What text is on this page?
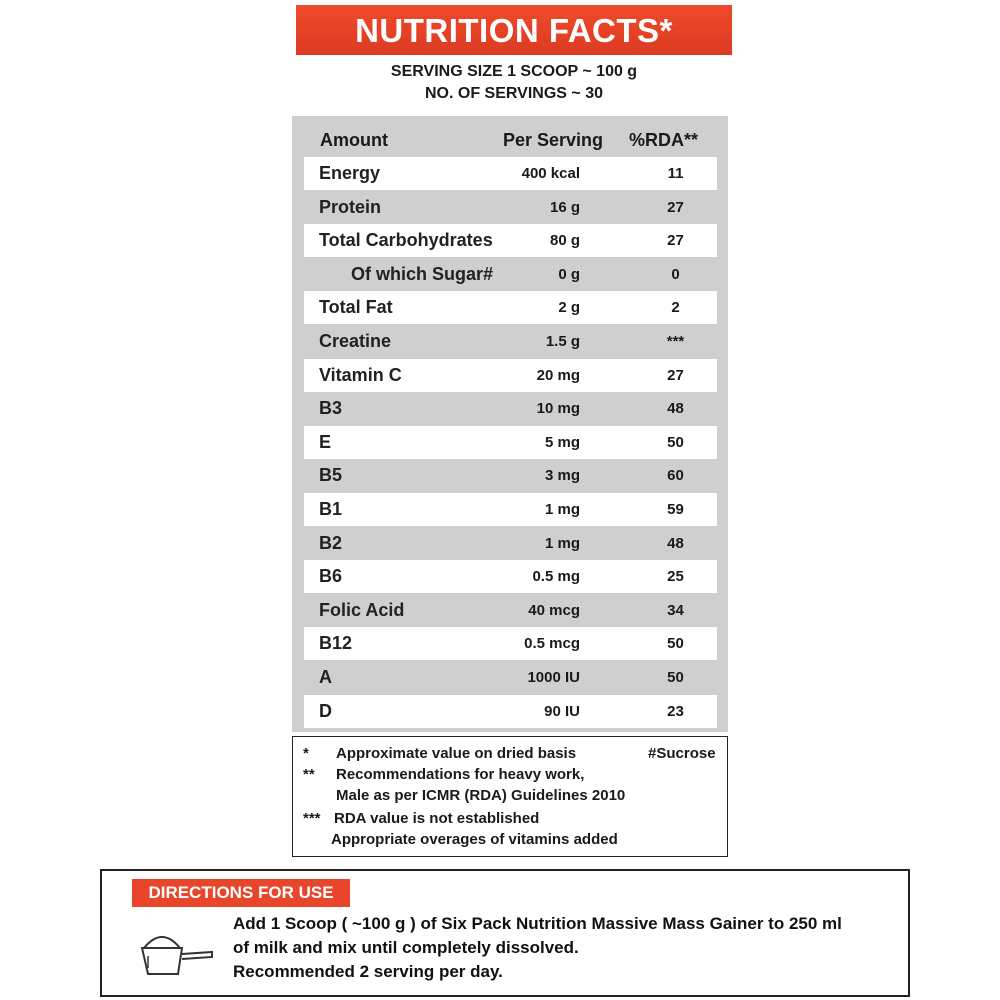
NUTRITION FACTS*
SERVING SIZE 1 SCOOP ~ 100 g
NO. OF SERVINGS ~ 30
Amount	Per Serving %RDA**
Energy	400 kcal	11
Protein	16 g	27
Total Carbohydrates	80 g	27
Of which Sugar#	0 g	0
Total Fat	2 g	2
Creatine	1.5 g	***
Vitamin C	20 mg	27
B3	10 mg	48
E	5 mg	50
B5	3 mg	60
B1	1 mg	59
B2	1 mg	48
B6	0.5 mg	25
Folic Acid	40 mcg	34
B12	0.5 mcg	50
A	1000 IU	50
D	90 IU	23
* Approximate value on dried basis	#Sucrose
** Recommendations for heavy work,
Male as per ICMR (RDA) Guidelines 2010
*** RDA value is not established
Appropriate overages of vitamins added
DIRECTIONS FOR USE
Add 1 Scoop ( ~100 g ) of Six Pack Nutrition Massive Mass Gainer to 250 ml
of milk and mix until completely dissolved.
Recommended 2 serving per day.
